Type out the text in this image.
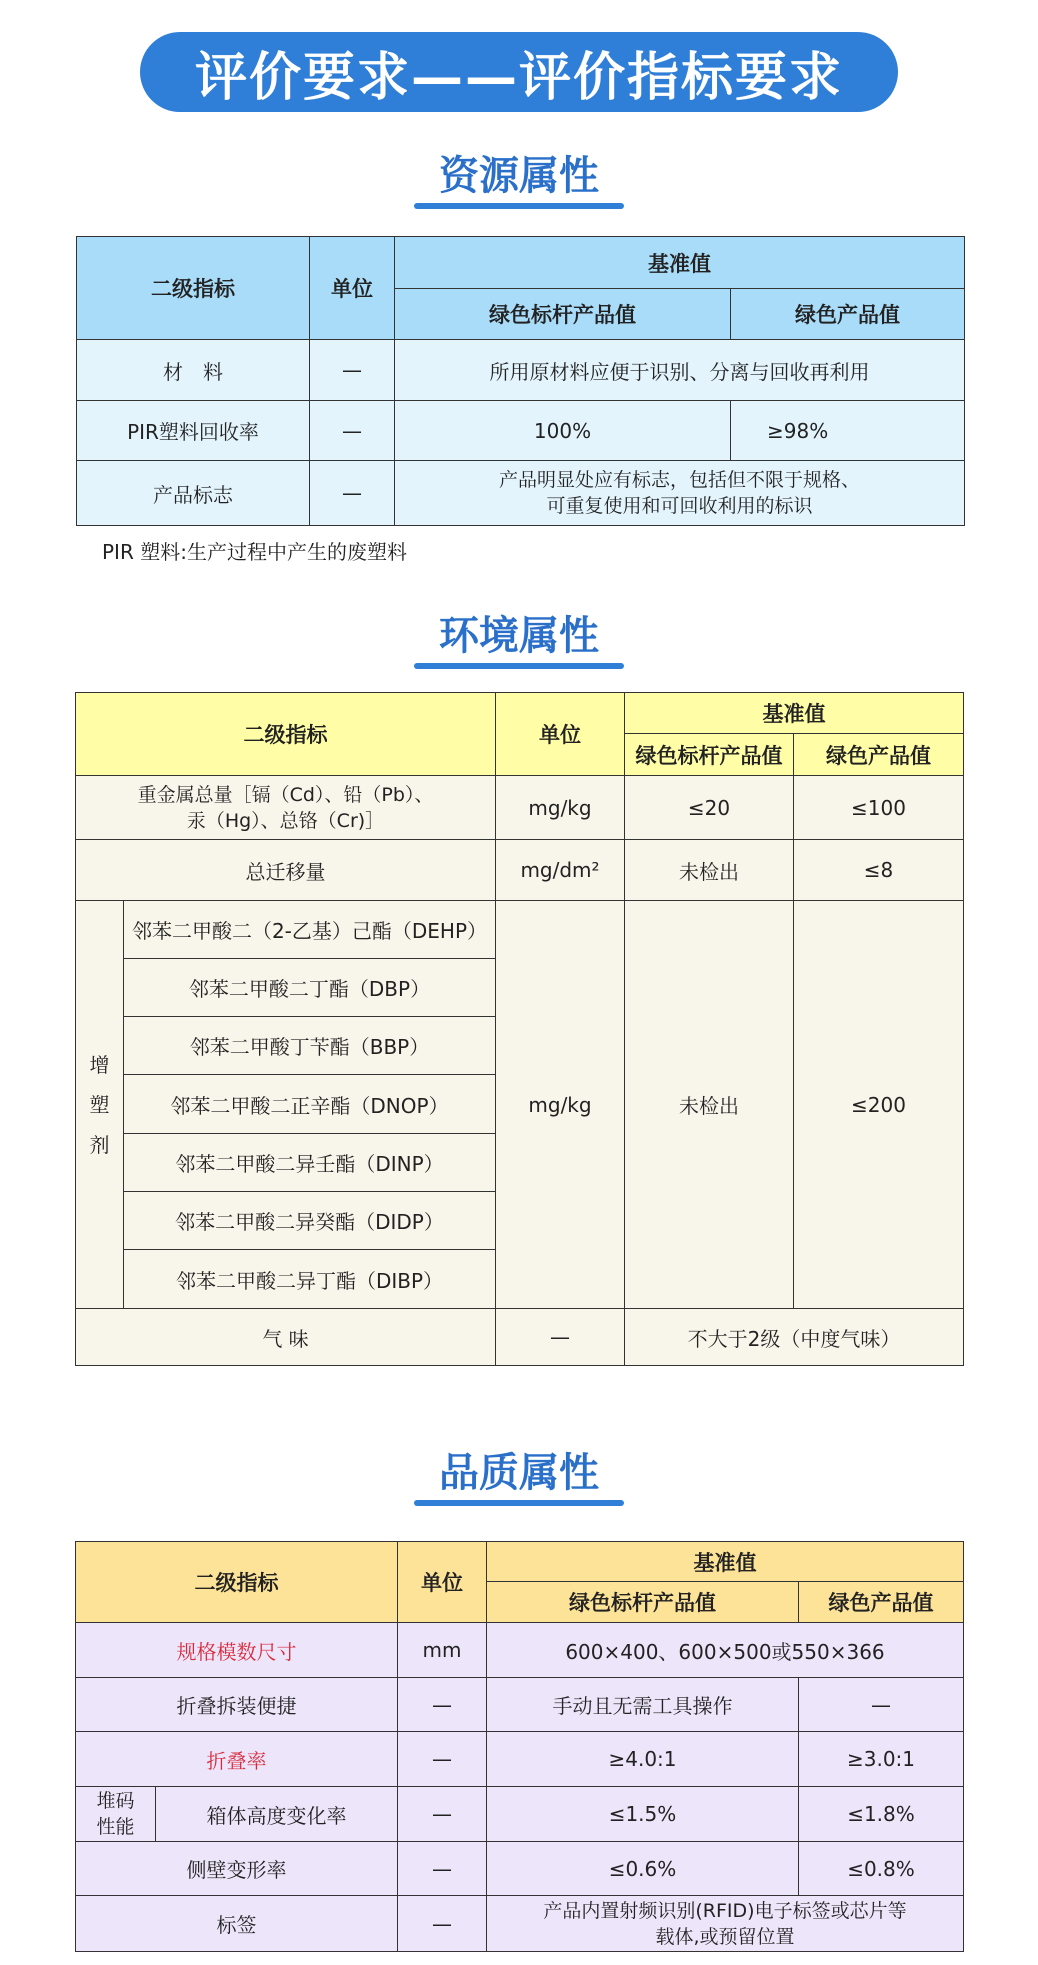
评价要求——评价指标要求
资源属性
二级指标	单位	基准值	
		绿色标杆产品值	绿色产品值
材　料	—	所用原材料应便于识别、分离与回收再利用	
PIR塑料回收率	—	100%	≥98%
产品标志	—	产品明显处应有标志，包括但不限于规格、
可重复使用和可回收利用的标识	
PIR 塑料:生产过程中产生的废塑料
环境属性
二级指标		单位	基准值	
			绿色标杆产品值	绿色产品值

重金属总量［镉（Cd）、铅（Pb）、
汞（Hg）、总铬（Cr)］		mg/kg	≤20	≤100
总迁移量		mg/dm²	未检出	≤8

增
塑
剂	邻苯二甲酸二（2-乙基）己酯（DEHP）	mg/kg	未检出	≤200
	邻苯二甲酸二丁酯（DBP）			
	邻苯二甲酸丁苄酯（BBP）			
	邻苯二甲酸二正辛酯（DNOP）			
	邻苯二甲酸二异壬酯（DINP）			
	邻苯二甲酸二异癸酯（DIDP）			
	邻苯二甲酸二异丁酯（DIBP）			
气 味		—	不大于2级（中度气味）	
品质属性
二级指标		单位	基准值	
			绿色标杆产品值	绿色产品值
规格模数尺寸		mm	600×400、600×500或550×366	
折叠拆装便捷		—	手动且无需工具操作	—
折叠率		—	≥4.0:1	≥3.0:1

堆码
性能	箱体高度变化率	—	≤1.5%	≤1.8%
侧壁变形率		—	≤0.6%	≤0.8%
标签		—	产品内置射频识别(RFID)电子标签或芯片等
载体,或预留位置	
